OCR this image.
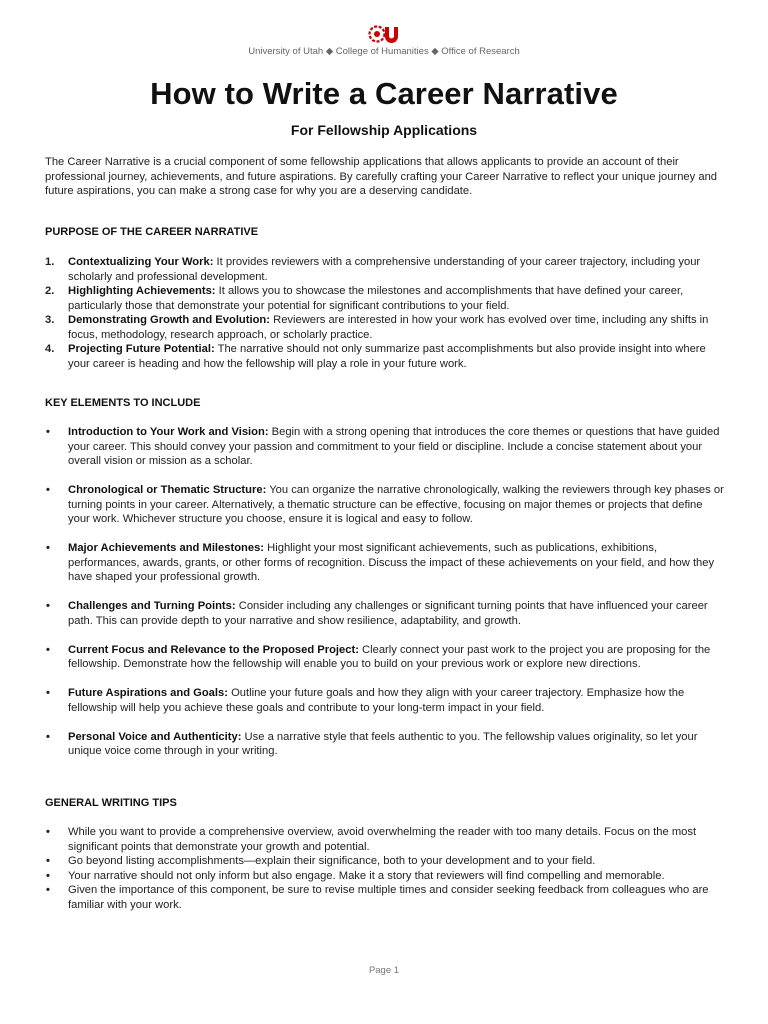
University of Utah ◆ College of Humanities ◆ Office of Research
How to Write a Career Narrative
For Fellowship Applications

The Career Narrative is a crucial component of some fellowship applications that allows applicants to provide an account of their professional journey, achievements, and future aspirations. By carefully crafting your Career Narrative to reflect your unique journey and future aspirations, you can make a strong case for why you are a deserving candidate.

PURPOSE OF THE CAREER NARRATIVE
1. Contextualizing Your Work: It provides reviewers with a comprehensive understanding of your career trajectory, including your scholarly and professional development.
2. Highlighting Achievements: It allows you to showcase the milestones and accomplishments that have defined your career, particularly those that demonstrate your potential for significant contributions to your field.
3. Demonstrating Growth and Evolution: Reviewers are interested in how your work has evolved over time, including any shifts in focus, methodology, research approach, or scholarly practice.
4. Projecting Future Potential: The narrative should not only summarize past accomplishments but also provide insight into where your career is heading and how the fellowship will play a role in your future work.
KEY ELEMENTS TO INCLUDE
• Introduction to Your Work and Vision: Begin with a strong opening that introduces the core themes or questions that have guided your career. This should convey your passion and commitment to your field or discipline. Include a concise statement about your overall vision or mission as a scholar.
• Chronological or Thematic Structure: You can organize the narrative chronologically, walking the reviewers through key phases or turning points in your career. Alternatively, a thematic structure can be effective, focusing on major themes or projects that define your work. Whichever structure you choose, ensure it is logical and easy to follow.
• Major Achievements and Milestones: Highlight your most significant achievements, such as publications, exhibitions, performances, awards, grants, or other forms of recognition. Discuss the impact of these achievements on your field, and how they have shaped your professional growth.
• Challenges and Turning Points: Consider including any challenges or significant turning points that have influenced your career path. This can provide depth to your narrative and show resilience, adaptability, and growth.
• Current Focus and Relevance to the Proposed Project: Clearly connect your past work to the project you are proposing for the fellowship. Demonstrate how the fellowship will enable you to build on your previous work or explore new directions.
• Future Aspirations and Goals: Outline your future goals and how they align with your career trajectory. Emphasize how the fellowship will help you achieve these goals and contribute to your long-term impact in your field.
• Personal Voice and Authenticity: Use a narrative style that feels authentic to you. The fellowship values originality, so let your unique voice come through in your writing.
GENERAL WRITING TIPS
• While you want to provide a comprehensive overview, avoid overwhelming the reader with too many details. Focus on the most significant points that demonstrate your growth and potential.
• Go beyond listing accomplishments—explain their significance, both to your development and to your field.
• Your narrative should not only inform but also engage. Make it a story that reviewers will find compelling and memorable.
• Given the importance of this component, be sure to revise multiple times and consider seeking feedback from colleagues who are familiar with your work.
Page 1
